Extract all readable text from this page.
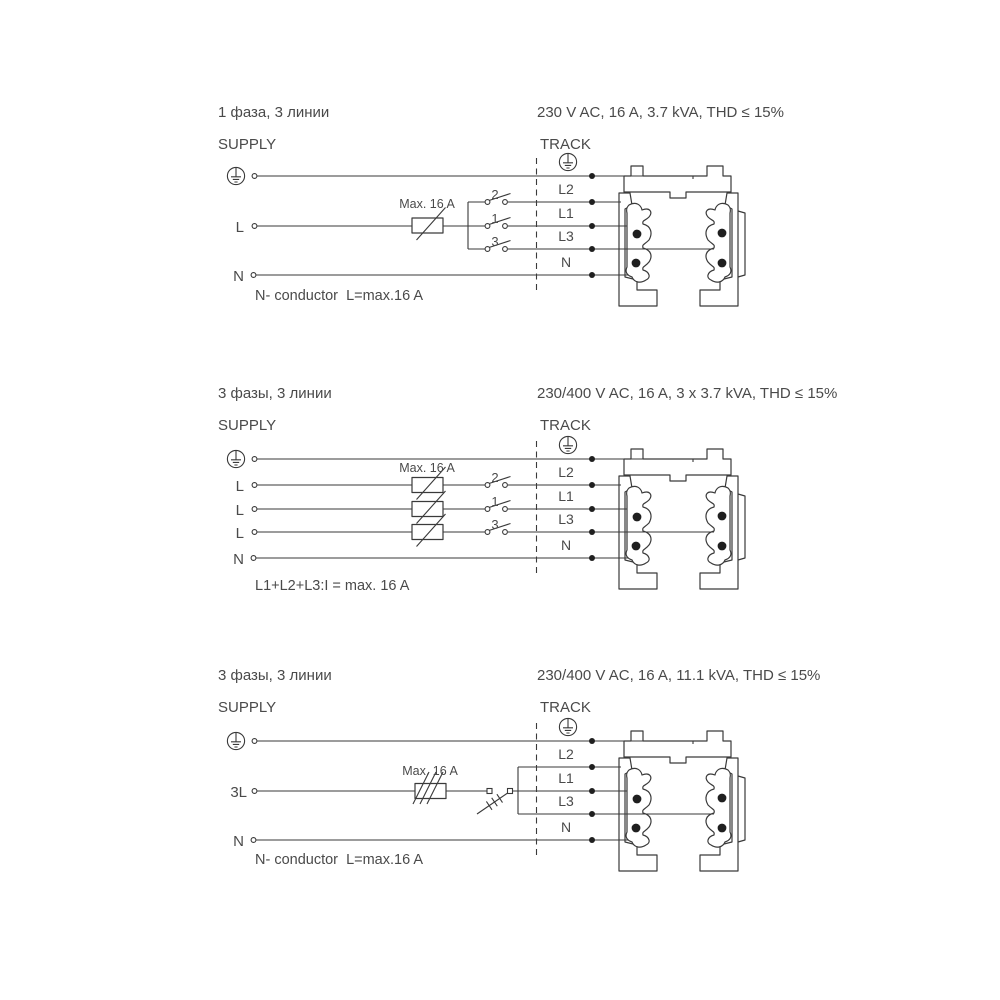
1 фаза, 3 линии	230 V AC, 16 A, 3.7 kVA, THD ≤ 15%
SUPPLY	TRACK
L
N
Max. 16 A
2
1
3
L2
L1
L3
N
N- conductor  L=max.16 A
3 фазы, 3 линии	230/400 V AC, 16 A, 3 x 3.7 kVA, THD ≤ 15%
SUPPLY	TRACK
L
L
L
N
Max. 16 A
2
1
3
L2
L1
L3
N
L1+L2+L3:I = max. 16 A
3 фазы, 3 линии	230/400 V AC, 16 A, 11.1 kVA, THD ≤ 15%
SUPPLY	TRACK
3L
N
Max. 16 A
L2
L1
L3
N
N- conductor  L=max.16 A
